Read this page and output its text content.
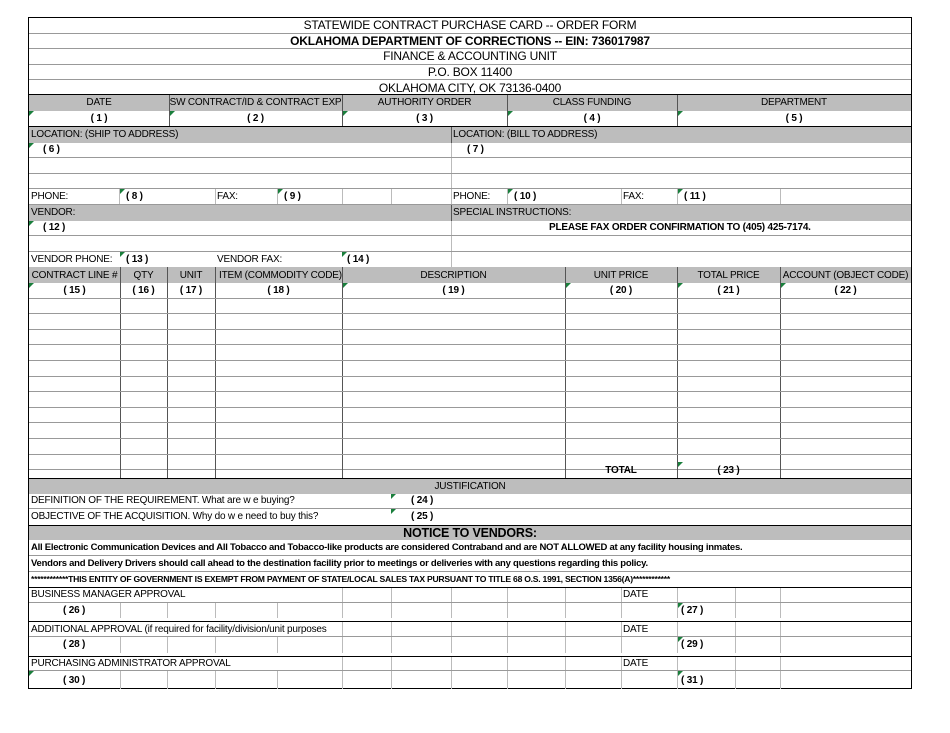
STATEWIDE CONTRACT PURCHASE CARD -- ORDER FORM
OKLAHOMA DEPARTMENT OF CORRECTIONS -- EIN: 736017987
FINANCE & ACCOUNTING UNIT
P.O. BOX 11400
OKLAHOMA CITY, OK 73136-0400
DATE	SW CONTRACT/ID & CONTRACT EXP	AUTHORITY ORDER	CLASS FUNDING	DEPARTMENT
( 1 )	( 2 )	( 3 )	( 4 )	( 5 )
LOCATION: (SHIP TO ADDRESS)	LOCATION: (BILL TO ADDRESS)
( 6 )	( 7 )
PHONE:	( 8 )	FAX:	( 9 )	PHONE:	( 10 )	FAX:	( 11 )
VENDOR:	SPECIAL INSTRUCTIONS:
( 12 )	PLEASE FAX ORDER CONFIRMATION TO (405) 425-7174.
VENDOR PHONE:	( 13 )	VENDOR FAX:	( 14 )
CONTRACT LINE #	QTY	UNIT	ITEM (COMMODITY CODE)	DESCRIPTION	UNIT PRICE	TOTAL PRICE	ACCOUNT (OBJECT CODE)
( 15 )	( 16 )	( 17 )	( 18 )	( 19 )	( 20 )	( 21 )	( 22 )
TOTAL	( 23 )
JUSTIFICATION
DEFINITION OF THE REQUIREMENT. What are w e buying?	( 24 )
OBJECTIVE OF THE ACQUISITION. Why do w e need to buy this?	( 25 )
NOTICE TO VENDORS:
All Electronic Communication Devices and All Tobacco and Tobacco-like products are considered Contraband and are NOT ALLOWED at any facility housing inmates.
Vendors and Delivery Drivers should call ahead to the destination facility prior to meetings or deliveries with any questions regarding this policy.
************THIS ENTITY OF GOVERNMENT IS EXEMPT FROM PAYMENT OF STATE/LOCAL SALES TAX PURSUANT TO TITLE 68 O.S. 1991, SECTION 1356(A)************
BUSINESS MANAGER APPROVAL	DATE
( 26 )	( 27 )
ADDITIONAL APPROVAL (if required for facility/division/unit purposes	DATE
( 28 )	( 29 )
PURCHASING ADMINISTRATOR APPROVAL	DATE
( 30 )	( 31 )
